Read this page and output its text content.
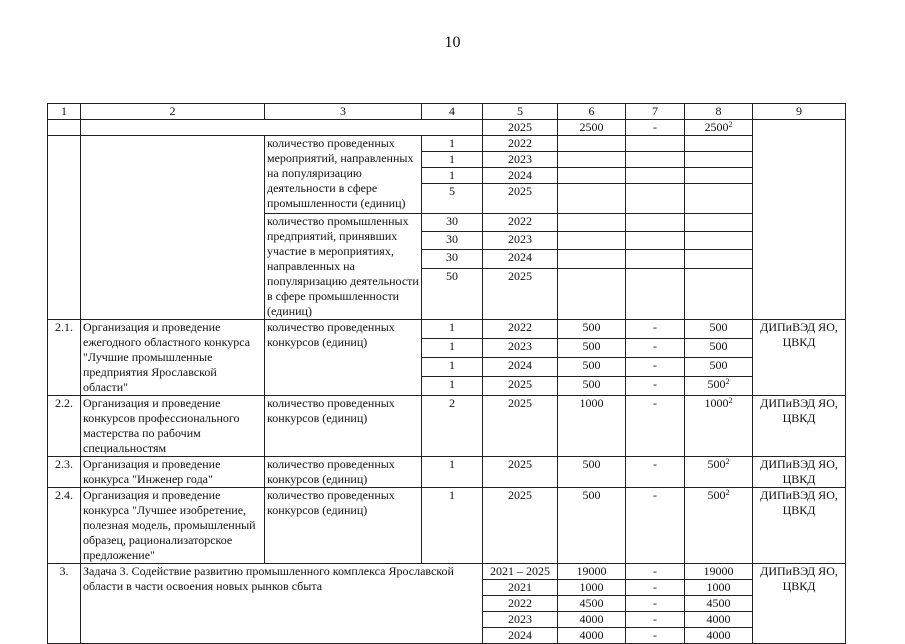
10
1	2	3	4	5	6	7	8	9
				2025	2500	-	2500$^2$	
		количество проведенных мероприятий, направленных на популяризацию деятельности в сфере промышленности (единиц)	1	2022				
			1	2023				
			1	2024				
			5	2025				
		количество промышленных предприятий, принявших участие в мероприятиях, направленных на популяризацию деятельности в сфере промышленности (единиц)	30	2022				
			30	2023				
			30	2024				
			50	2025				
2.1.	Организация и проведение ежегодного областного конкурса "Лучшие промышленные предприятия Ярославской области"	количество проведенных конкурсов (единиц)	1	2022	500	-	500	ДИПиВЭД ЯО, ЦВКД
			1	2023	500	-	500	
			1	2024	500	-	500	
			1	2025	500	-	$500^2$
2.2.	Организация и проведение конкурсов профессионального мастерства по рабочим специальностям	количество проведенных конкурсов (единиц)	2	2025	1000	-	1000$^2$	ДИПиВЭД ЯО, ЦВКД
2.3.	Организация и проведение конкурса "Инженер года"	количество проведенных конкурсов (единиц)	1	2025	500	-	$500^2$	ДИПиВЭД ЯО, ЦВКД
2.4.	Организация и проведение конкурса "Лучшее изобретение, полезная модель, промышленный образец, рационализаторское предложение"	количество проведенных конкурсов (единиц)	1	2025	500	-	$500^2$	ДИПиВЭД ЯО, ЦВКД
3.	Задача 3. Содействие развитию промышленного комплекса Ярославской области в части освоения новых рынков сбыта			2021 – 2025	19000	-	19000	ДИПиВЭД ЯО, ЦВКД
				2021	1000	-	1000	
				2022	4500	-	4500	
				2023	4000	-	4000	
				2024	4000	-	4000	
